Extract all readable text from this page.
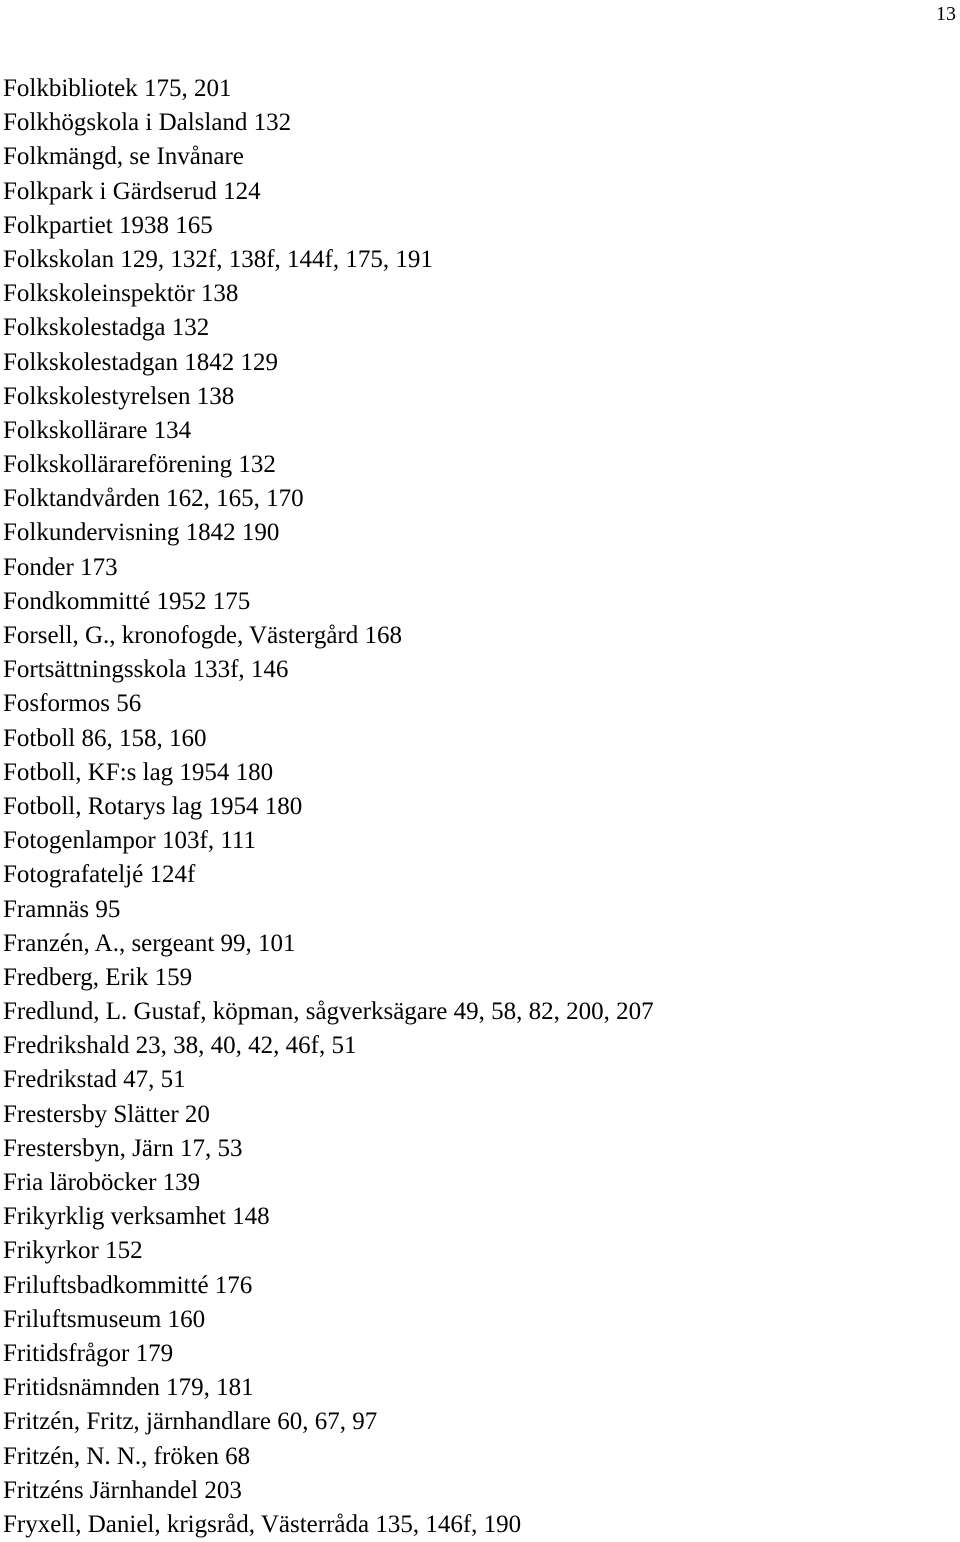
13
Folkbibliotek 175, 201
Folkhögskola i Dalsland 132
Folkmängd, se Invånare
Folkpark i Gärdserud 124
Folkpartiet 1938 165
Folkskolan 129, 132f, 138f, 144f, 175, 191
Folkskoleinspektör 138
Folkskolestadga 132
Folkskolestadgan 1842 129
Folkskolestyrelsen 138
Folkskollärare 134
Folkskollärareförening 132
Folktandvården 162, 165, 170
Folkundervisning 1842 190
Fonder 173
Fondkommitté 1952 175
Forsell, G., kronofogde, Västergård 168
Fortsättningsskola 133f, 146
Fosformos 56
Fotboll 86, 158, 160
Fotboll, KF:s lag 1954 180
Fotboll, Rotarys lag 1954 180
Fotogenlampor 103f, 111
Fotografateljé 124f
Framnäs 95
Franzén, A., sergeant 99, 101
Fredberg, Erik 159
Fredlund, L. Gustaf, köpman, sågverksägare 49, 58, 82, 200, 207
Fredrikshald 23, 38, 40, 42, 46f, 51
Fredrikstad 47, 51
Frestersby Slätter 20
Frestersbyn, Järn 17, 53
Fria läroböcker 139
Frikyrklig verksamhet 148
Frikyrkor 152
Friluftsbadkommitté 176
Friluftsmuseum 160
Fritidsfrågor 179
Fritidsnämnden 179, 181
Fritzén, Fritz, järnhandlare 60, 67, 97
Fritzén, N. N., fröken 68
Fritzéns Järnhandel 203
Fryxell, Daniel, krigsråd, Västerråda 135, 146f, 190
